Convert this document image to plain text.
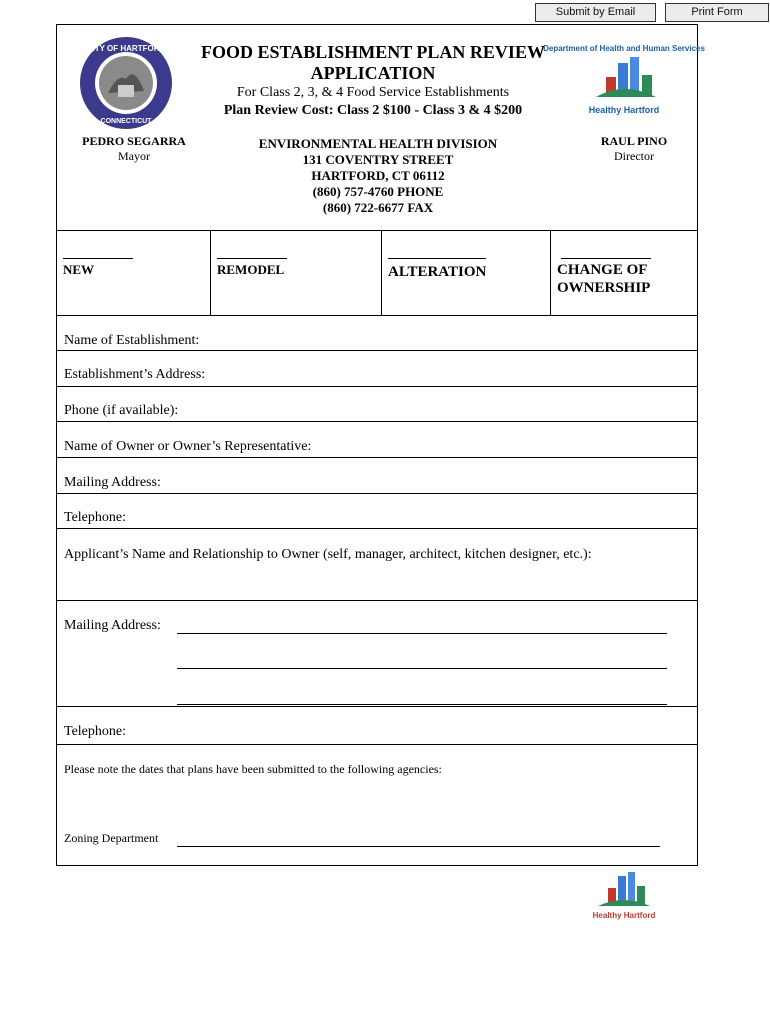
Submit by Email	Print Form
CITY OF HARTFORD
CONNECTICUT
FOOD ESTABLISHMENT PLAN REVIEW
APPLICATION
For Class 2, 3, & 4 Food Service Establishments
Plan Review Cost: Class 2 $100 - Class 3 & 4 $200
Department of Health and Human Services
Healthy Hartford
PEDRO SEGARRA
Mayor
RAUL PINO
Director
ENVIRONMENTAL HEALTH DIVISION
131 COVENTRY STREET
HARTFORD, CT 06112
(860) 757-4760 PHONE
(860) 722-6677 FAX
NEW	REMODEL	ALTERATION	CHANGE OF
OWNERSHIP
Name of Establishment:
Establishment’s Address:
Phone (if available):
Name of Owner or Owner’s Representative:
Mailing Address:
Telephone:
Applicant’s Name and Relationship to Owner (self, manager, architect, kitchen designer, etc.):
Mailing Address:
Telephone:
Please note the dates that plans have been submitted to the following agencies:
Zoning Department
Healthy Hartford
